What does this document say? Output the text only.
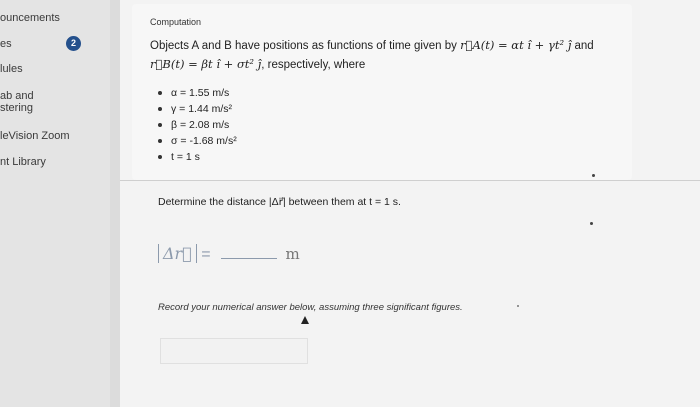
ouncements
es	2
lules
ab and
stering
leVision Zoom
nt Library
Computation
Objects A and B have positions as functions of time given by r⃗A(t) = αt î + γt² ĵ and
r⃗B(t) = βt î + σt² ĵ, respectively, where
α = 1.55 m/s
γ = 1.44 m/s²
β = 2.08 m/s
σ = -1.68 m/s²
t = 1 s
Determine the distance |Δr⃗| between them at t = 1 s.
Δr⃗ =	m
Record your numerical answer below, assuming three significant figures.
